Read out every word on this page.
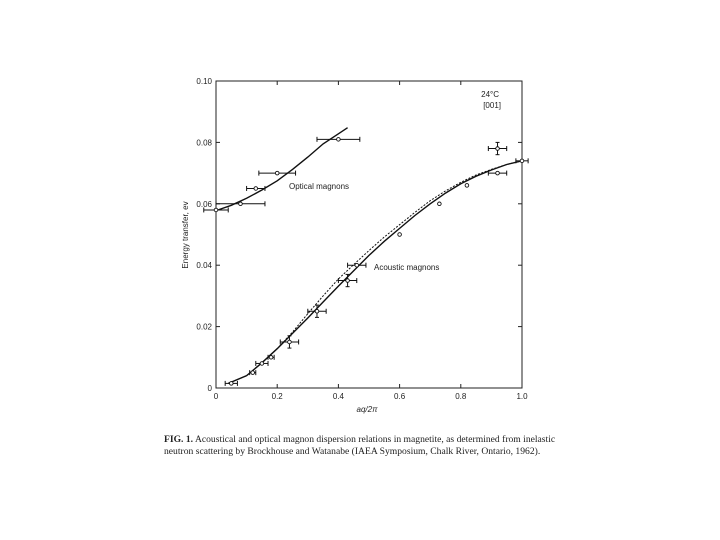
0	0.2	0.4	0.6	0.8	1.0
0
0.02
0.04
0.06
0.08
0.10
aq/2π
Energy transfer, ev
24°C
[001]
Optical magnons
Acoustic magnons

FIG. 1. Acoustical and optical magnon dispersion relations in magnetite, as determined from inelastic neutron scattering by Brockhouse and Watanabe (IAEA Symposium, Chalk River, Ontario, 1962).
